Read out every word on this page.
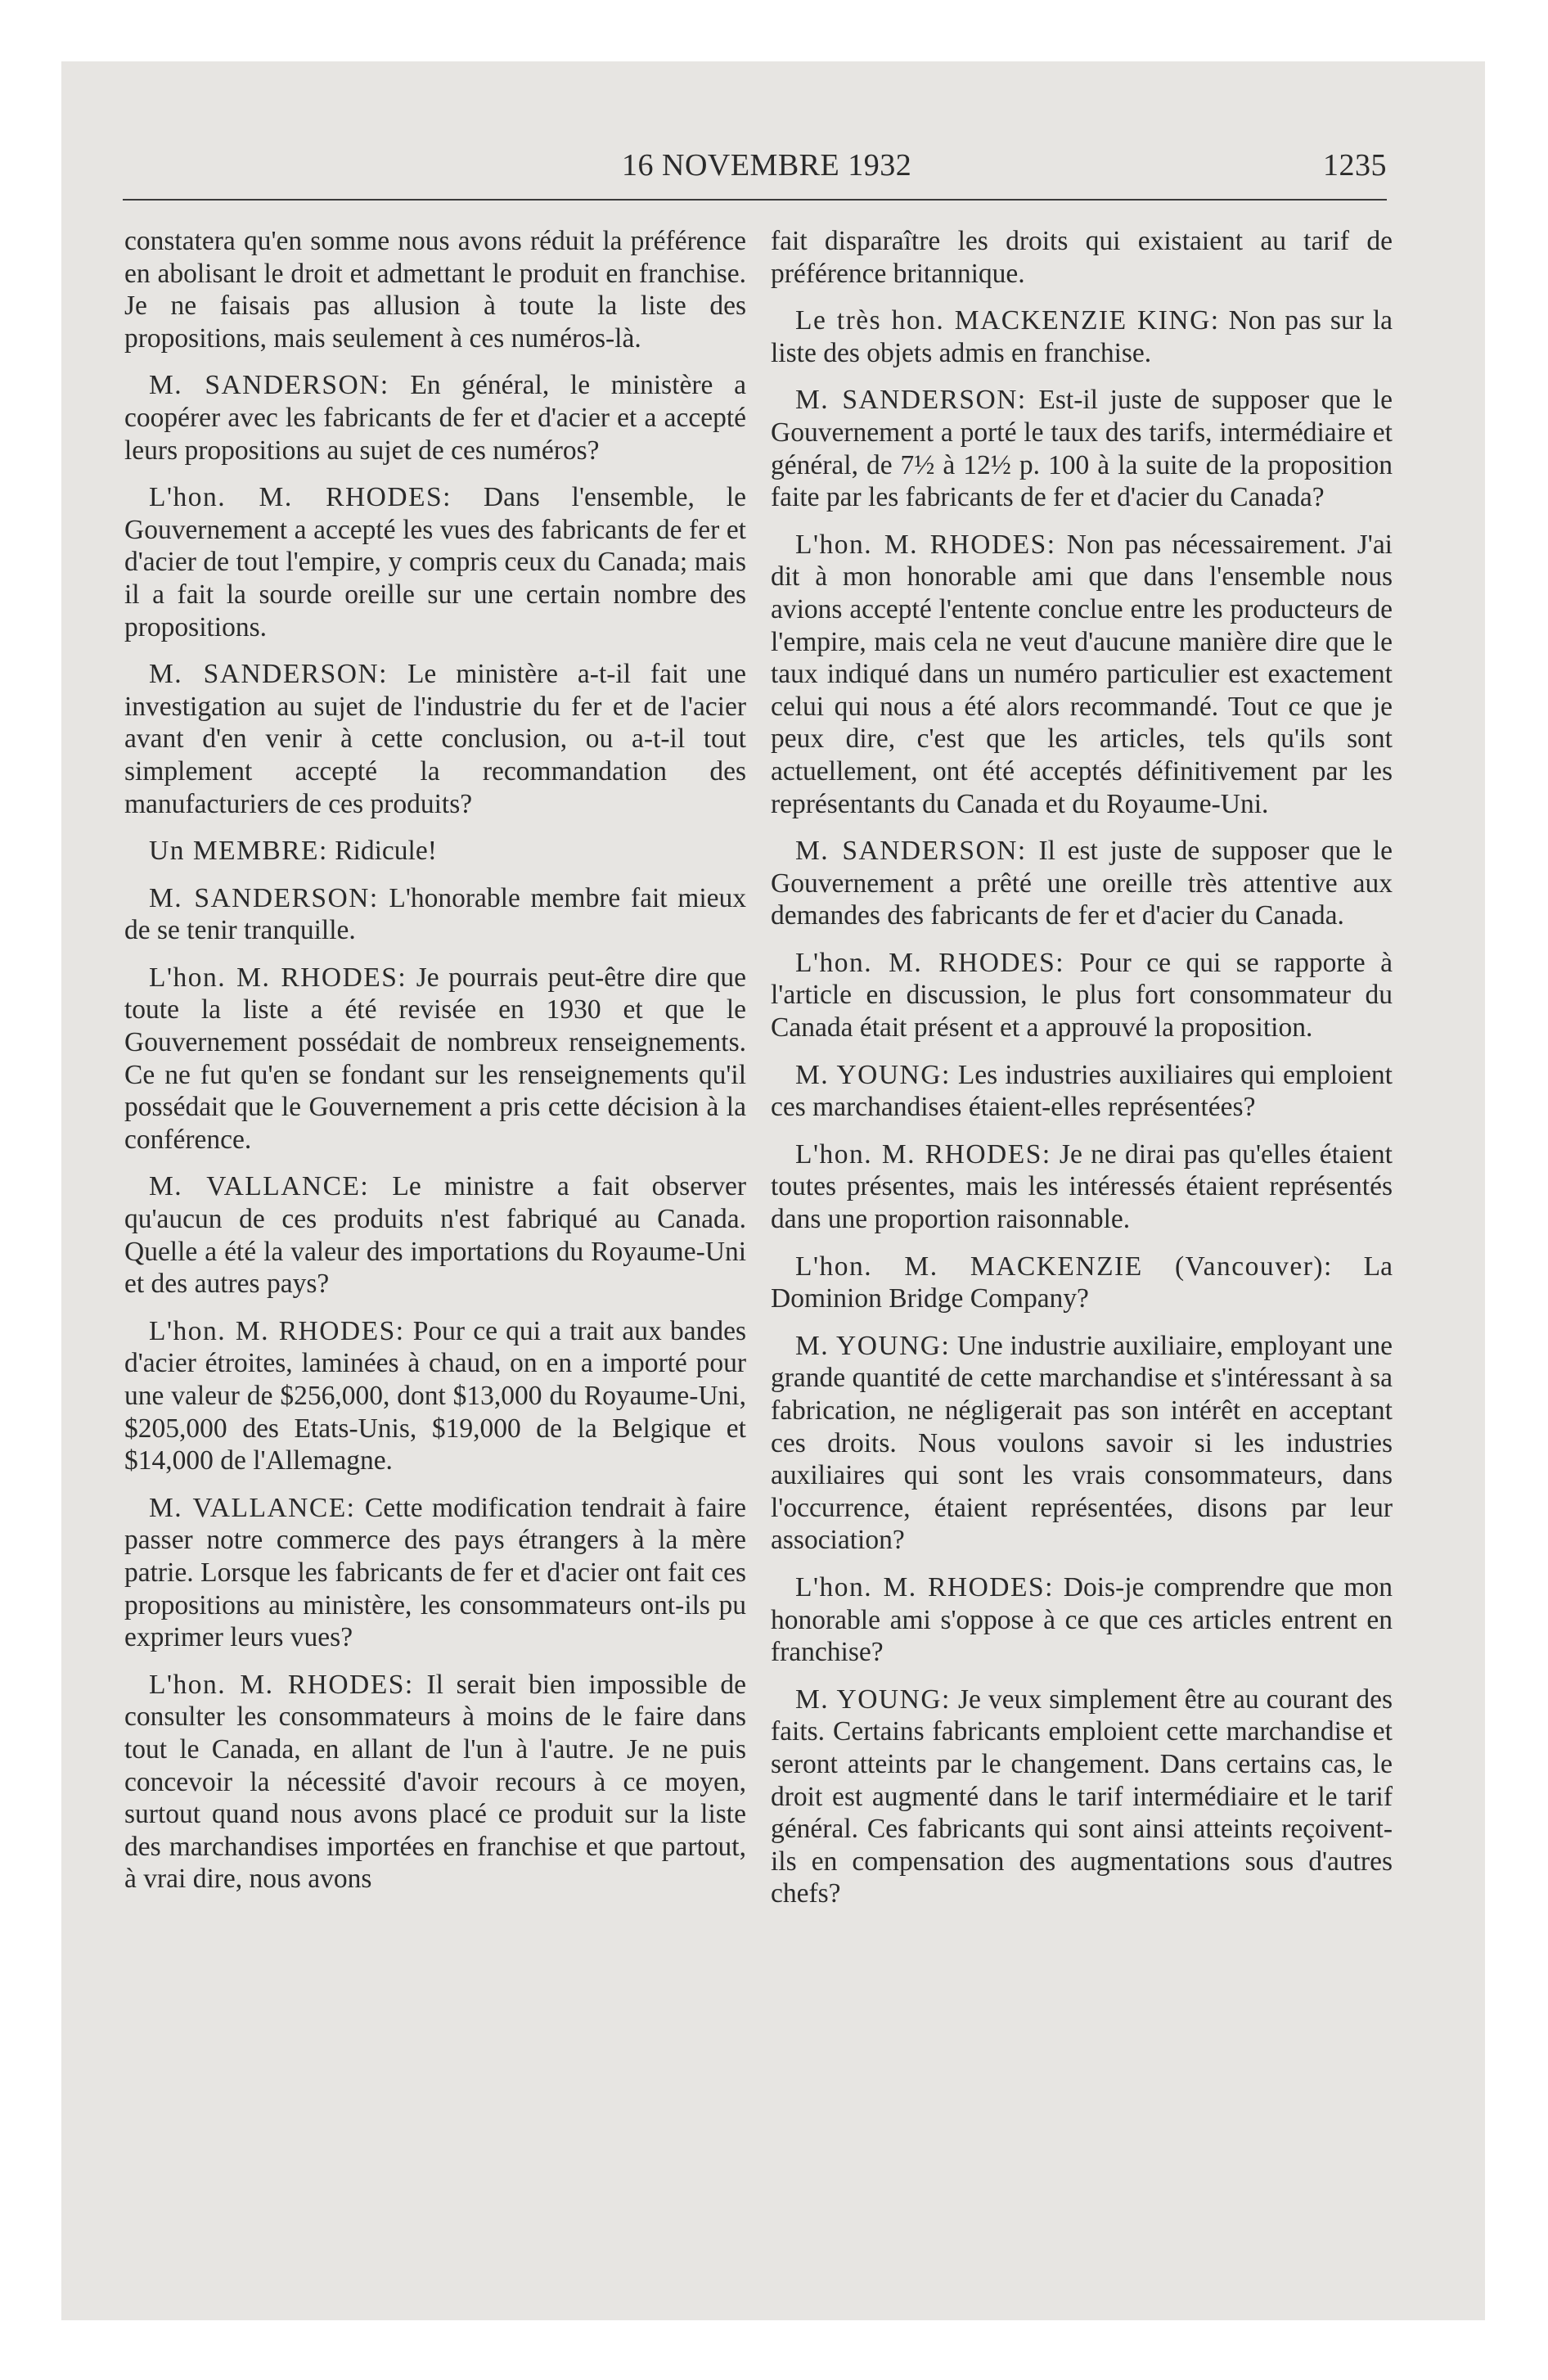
16 NOVEMBRE 1932	1235

constatera qu'en somme nous avons réduit la préférence en abolisant le droit et admettant le produit en franchise. Je ne faisais pas allusion à toute la liste des propositions, mais seulement à ces numéros-là.

M. SANDERSON: En général, le ministère a coopérer avec les fabricants de fer et d'acier et a accepté leurs propositions au sujet de ces numéros?

L'hon. M. RHODES: Dans l'ensemble, le Gouvernement a accepté les vues des fabricants de fer et d'acier de tout l'empire, y compris ceux du Canada; mais il a fait la sourde oreille sur une certain nombre des propositions.

M. SANDERSON: Le ministère a-t-il fait une investigation au sujet de l'industrie du fer et de l'acier avant d'en venir à cette conclusion, ou a-t-il tout simplement accepté la recommandation des manufacturiers de ces produits?

Un MEMBRE: Ridicule!

M. SANDERSON: L'honorable membre fait mieux de se tenir tranquille.

L'hon. M. RHODES: Je pourrais peut-être dire que toute la liste a été revisée en 1930 et que le Gouvernement possédait de nombreux renseignements. Ce ne fut qu'en se fondant sur les renseignements qu'il possédait que le Gouvernement a pris cette décision à la conférence.

M. VALLANCE: Le ministre a fait observer qu'aucun de ces produits n'est fabriqué au Canada. Quelle a été la valeur des importations du Royaume-Uni et des autres pays?

L'hon. M. RHODES: Pour ce qui a trait aux bandes d'acier étroites, laminées à chaud, on en a importé pour une valeur de $256,000, dont $13,000 du Royaume-Uni, $205,000 des Etats-Unis, $19,000 de la Belgique et $14,000 de l'Allemagne.

M. VALLANCE: Cette modification tendrait à faire passer notre commerce des pays étrangers à la mère patrie. Lorsque les fabricants de fer et d'acier ont fait ces propositions au ministère, les consommateurs ont-ils pu exprimer leurs vues?

L'hon. M. RHODES: Il serait bien impossible de consulter les consommateurs à moins de le faire dans tout le Canada, en allant de l'un à l'autre. Je ne puis concevoir la nécessité d'avoir recours à ce moyen, surtout quand nous avons placé ce produit sur la liste des marchandises importées en franchise et que partout, à vrai dire, nous avons

fait disparaître les droits qui existaient au tarif de préférence britannique.

Le très hon. MACKENZIE KING: Non pas sur la liste des objets admis en franchise.

M. SANDERSON: Est-il juste de supposer que le Gouvernement a porté le taux des tarifs, intermédiaire et général, de 7½ à 12½ p. 100 à la suite de la proposition faite par les fabricants de fer et d'acier du Canada?

L'hon. M. RHODES: Non pas nécessairement. J'ai dit à mon honorable ami que dans l'ensemble nous avions accepté l'entente conclue entre les producteurs de l'empire, mais cela ne veut d'aucune manière dire que le taux indiqué dans un numéro particulier est exactement celui qui nous a été alors recommandé. Tout ce que je peux dire, c'est que les articles, tels qu'ils sont actuellement, ont été acceptés définitivement par les représentants du Canada et du Royaume-Uni.

M. SANDERSON: Il est juste de supposer que le Gouvernement a prêté une oreille très attentive aux demandes des fabricants de fer et d'acier du Canada.

L'hon. M. RHODES: Pour ce qui se rapporte à l'article en discussion, le plus fort consommateur du Canada était présent et a approuvé la proposition.

M. YOUNG: Les industries auxiliaires qui emploient ces marchandises étaient-elles représentées?

L'hon. M. RHODES: Je ne dirai pas qu'elles étaient toutes présentes, mais les intéressés étaient représentés dans une proportion raisonnable.

L'hon. M. MACKENZIE (Vancouver): La Dominion Bridge Company?

M. YOUNG: Une industrie auxiliaire, employant une grande quantité de cette marchandise et s'intéressant à sa fabrication, ne négligerait pas son intérêt en acceptant ces droits. Nous voulons savoir si les industries auxiliaires qui sont les vrais consommateurs, dans l'occurrence, étaient représentées, disons par leur association?

L'hon. M. RHODES: Dois-je comprendre que mon honorable ami s'oppose à ce que ces articles entrent en franchise?

M. YOUNG: Je veux simplement être au courant des faits. Certains fabricants emploient cette marchandise et seront atteints par le changement. Dans certains cas, le droit est augmenté dans le tarif intermédiaire et le tarif général. Ces fabricants qui sont ainsi atteints reçoivent-ils en compensation des augmentations sous d'autres chefs?
